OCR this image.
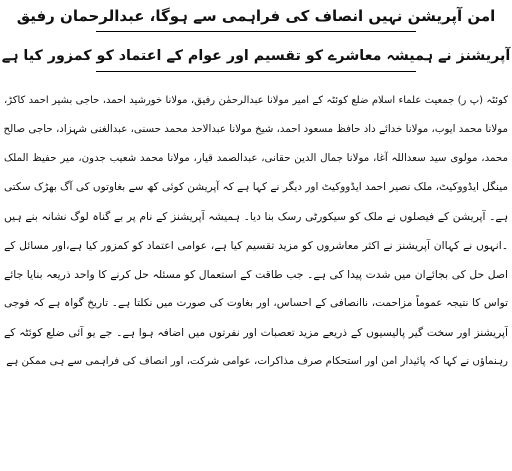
امن آپریشن نہیں انصاف کی فراہمی سے ہوگا، عبدالرحمان رفیق
آپریشنز نے ہمیشہ معاشرے کو تقسیم اور عوام کے اعتماد کو کمزور کیا ہے
کوئٹہ (پ ر) جمعیت علماء اسلام ضلع کوئٹہ کے امیر مولانا عبدالرحمٰن رفیق، مولانا خورشید احمد، حاجی بشیر احمد کاکڑ،
مولانا محمد ایوب، مولانا خدائے داد حافظ مسعود احمد، شیخ مولانا عبدالاحد محمد حسنی، عبدالغنی شہزاد، حاجی صالح
محمد، مولوی سید سعداللہ آغا، مولانا جمال الدین حقانی، عبدالصمد قیار، مولانا محمد شعیب جدون، میر حفیظ الملک
مینگل ایڈووکیٹ، ملک نصیر احمد ایڈووکیٹ اور دیگر نے کہا ہے کہ آپریشن کوئی کھ سے بغاوتوں کی آگ بھڑک سکتی
ہے۔ آپریشن کے فیصلوں نے ملک کو سیکورٹی رسک بنا دیا۔ ہمیشہ آپریشنز کے نام پر بے گناہ لوگ نشانہ بنے ہیں
۔انہوں نے کہاان آپریشنز نے اکثر معاشروں کو مزید تقسیم کیا ہے، عوامی اعتماد کو کمزور کیا ہے،اور مسائل کے
اصل حل کی بجائےان میں شدت پیدا کی ہے۔ جب طاقت کے استعمال کو مسئلہ حل کرنے کا واحد ذریعہ بنایا جائے
تواس کا نتیجہ عموماً مزاحمت، ناانصافی کے احساس، اور بغاوت کی صورت میں نکلتا ہے۔ تاریخ گواہ ہے کہ فوجی
آپریشنز اور سخت گیر پالیسیوں کے ذریعے مزید تعصبات اور نفرتوں میں اضافہ ہوا ہے۔ جے یو آئی ضلع کوئٹہ کے
رہنماؤں نے کہا کہ پائیدار امن اور استحکام صرف مذاکرات، عوامی شرکت، اور انصاف کی فراہمی سے ہی ممکن ہے
